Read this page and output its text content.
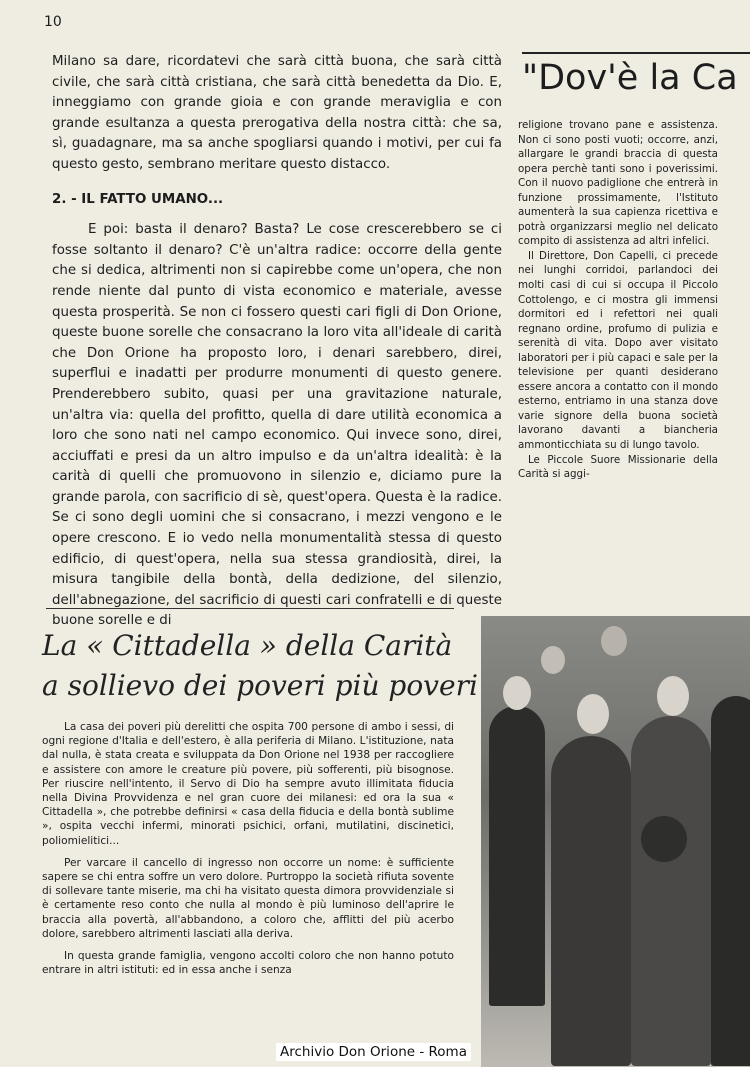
10

Milano sa dare, ricordatevi che sarà città buona, che sarà città civile, che sarà città cristiana, che sarà città benedetta da Dio. E, inneggiamo con grande gioia e con grande meraviglia e con grande esultanza a questa prerogativa della nostra città: che sa, sì, guadagnare, ma sa anche spogliarsi quando i motivi, per cui fa questo gesto, sembrano meritare questo distacco.

2. - IL FATTO UMANO...

E poi: basta il denaro? Basta? Le cose crescerebbero se ci fosse soltanto il denaro? C'è un'altra radice: occorre della gente che si dedica, altrimenti non si capirebbe come un'opera, che non rende niente dal punto di vista economico e materiale, avesse questa prosperità. Se non ci fossero questi cari figli di Don Orione, queste buone sorelle che consacrano la loro vita all'ideale di carità che Don Orione ha proposto loro, i denari sarebbero, direi, superflui e inadatti per produrre monumenti di questo genere. Prenderebbero subito, quasi per una gravitazione naturale, un'altra via: quella del profitto, quella di dare utilità economica a loro che sono nati nel campo economico. Qui invece sono, direi, acciuffati e presi da un altro impulso e da un'altra idealità: è la carità di quelli che promuovono in silenzio e, diciamo pure la grande parola, con sacrificio di sè, quest'opera. Questa è la radice. Se ci sono degli uomini che si consacrano, i mezzi vengono e le opere crescono. E io vedo nella monumentalità stessa di questo edificio, di quest'opera, nella sua stessa grandiosità, direi, la misura tangibile della bontà, della dedizione, del silenzio, dell'abnegazione, del sacrificio di questi cari confratelli e di queste buone sorelle e di

"Dov'è la Ca

religione trovano pane e assistenza. Non ci sono posti vuoti; occorre, anzi, allargare le grandi braccia di questa opera perchè tanti sono i poverissimi. Con il nuovo padiglione che entrerà in funzione prossimamente, l'Istituto aumenterà la sua capienza ricettiva e potrà organizzarsi meglio nel delicato compito di assistenza ad altri infelici.

Il Direttore, Don Capelli, ci precede nei lunghi corridoi, parlandoci dei molti casi di cui si occupa il Piccolo Cottolengo, e ci mostra gli immensi dormitori ed i refettori nei quali regnano ordine, profumo di pulizia e serenità di vita. Dopo aver visitato laboratori per i più capaci e sale per la televisione per quanti desiderano essere ancora a contatto con il mondo esterno, entriamo in una stanza dove varie signore della buona società lavorano davanti a biancheria ammonticchiata su di lungo tavolo.

Le Piccole Suore Missionarie della Carità si aggi-

La « Cittadella » della Carità
a sollievo dei poveri più poveri

La casa dei poveri più derelitti che ospita 700 persone di ambo i sessi, di ogni regione d'Italia e dell'estero, è alla periferia di Milano. L'istituzione, nata dal nulla, è stata creata e sviluppata da Don Orione nel 1938 per raccogliere e assistere con amore le creature più povere, più sofferenti, più bisognose. Per riuscire nell'intento, il Servo di Dio ha sempre avuto illimitata fiducia nella Divina Provvidenza e nel gran cuore dei milanesi: ed ora la sua « Cittadella », che potrebbe definirsi « casa della fiducia e della bontà sublime », ospita vecchi infermi, minorati psichici, orfani, mutilatini, discinetici, poliomielitici...

Per varcare il cancello di ingresso non occorre un nome: è sufficiente sapere se chi entra soffre un vero dolore. Purtroppo la società rifiuta sovente di sollevare tante miserie, ma chi ha visitato questa dimora provvidenziale si è certamente reso conto che nulla al mondo è più luminoso dell'aprire le braccia alla povertà, all'abbandono, a coloro che, afflitti del più acerbo dolore, sarebbero altrimenti lasciati alla deriva.

In questa grande famiglia, vengono accolti coloro che non hanno potuto entrare in altri istituti: ed in essa anche i senza

Archivio Don Orione - Roma
